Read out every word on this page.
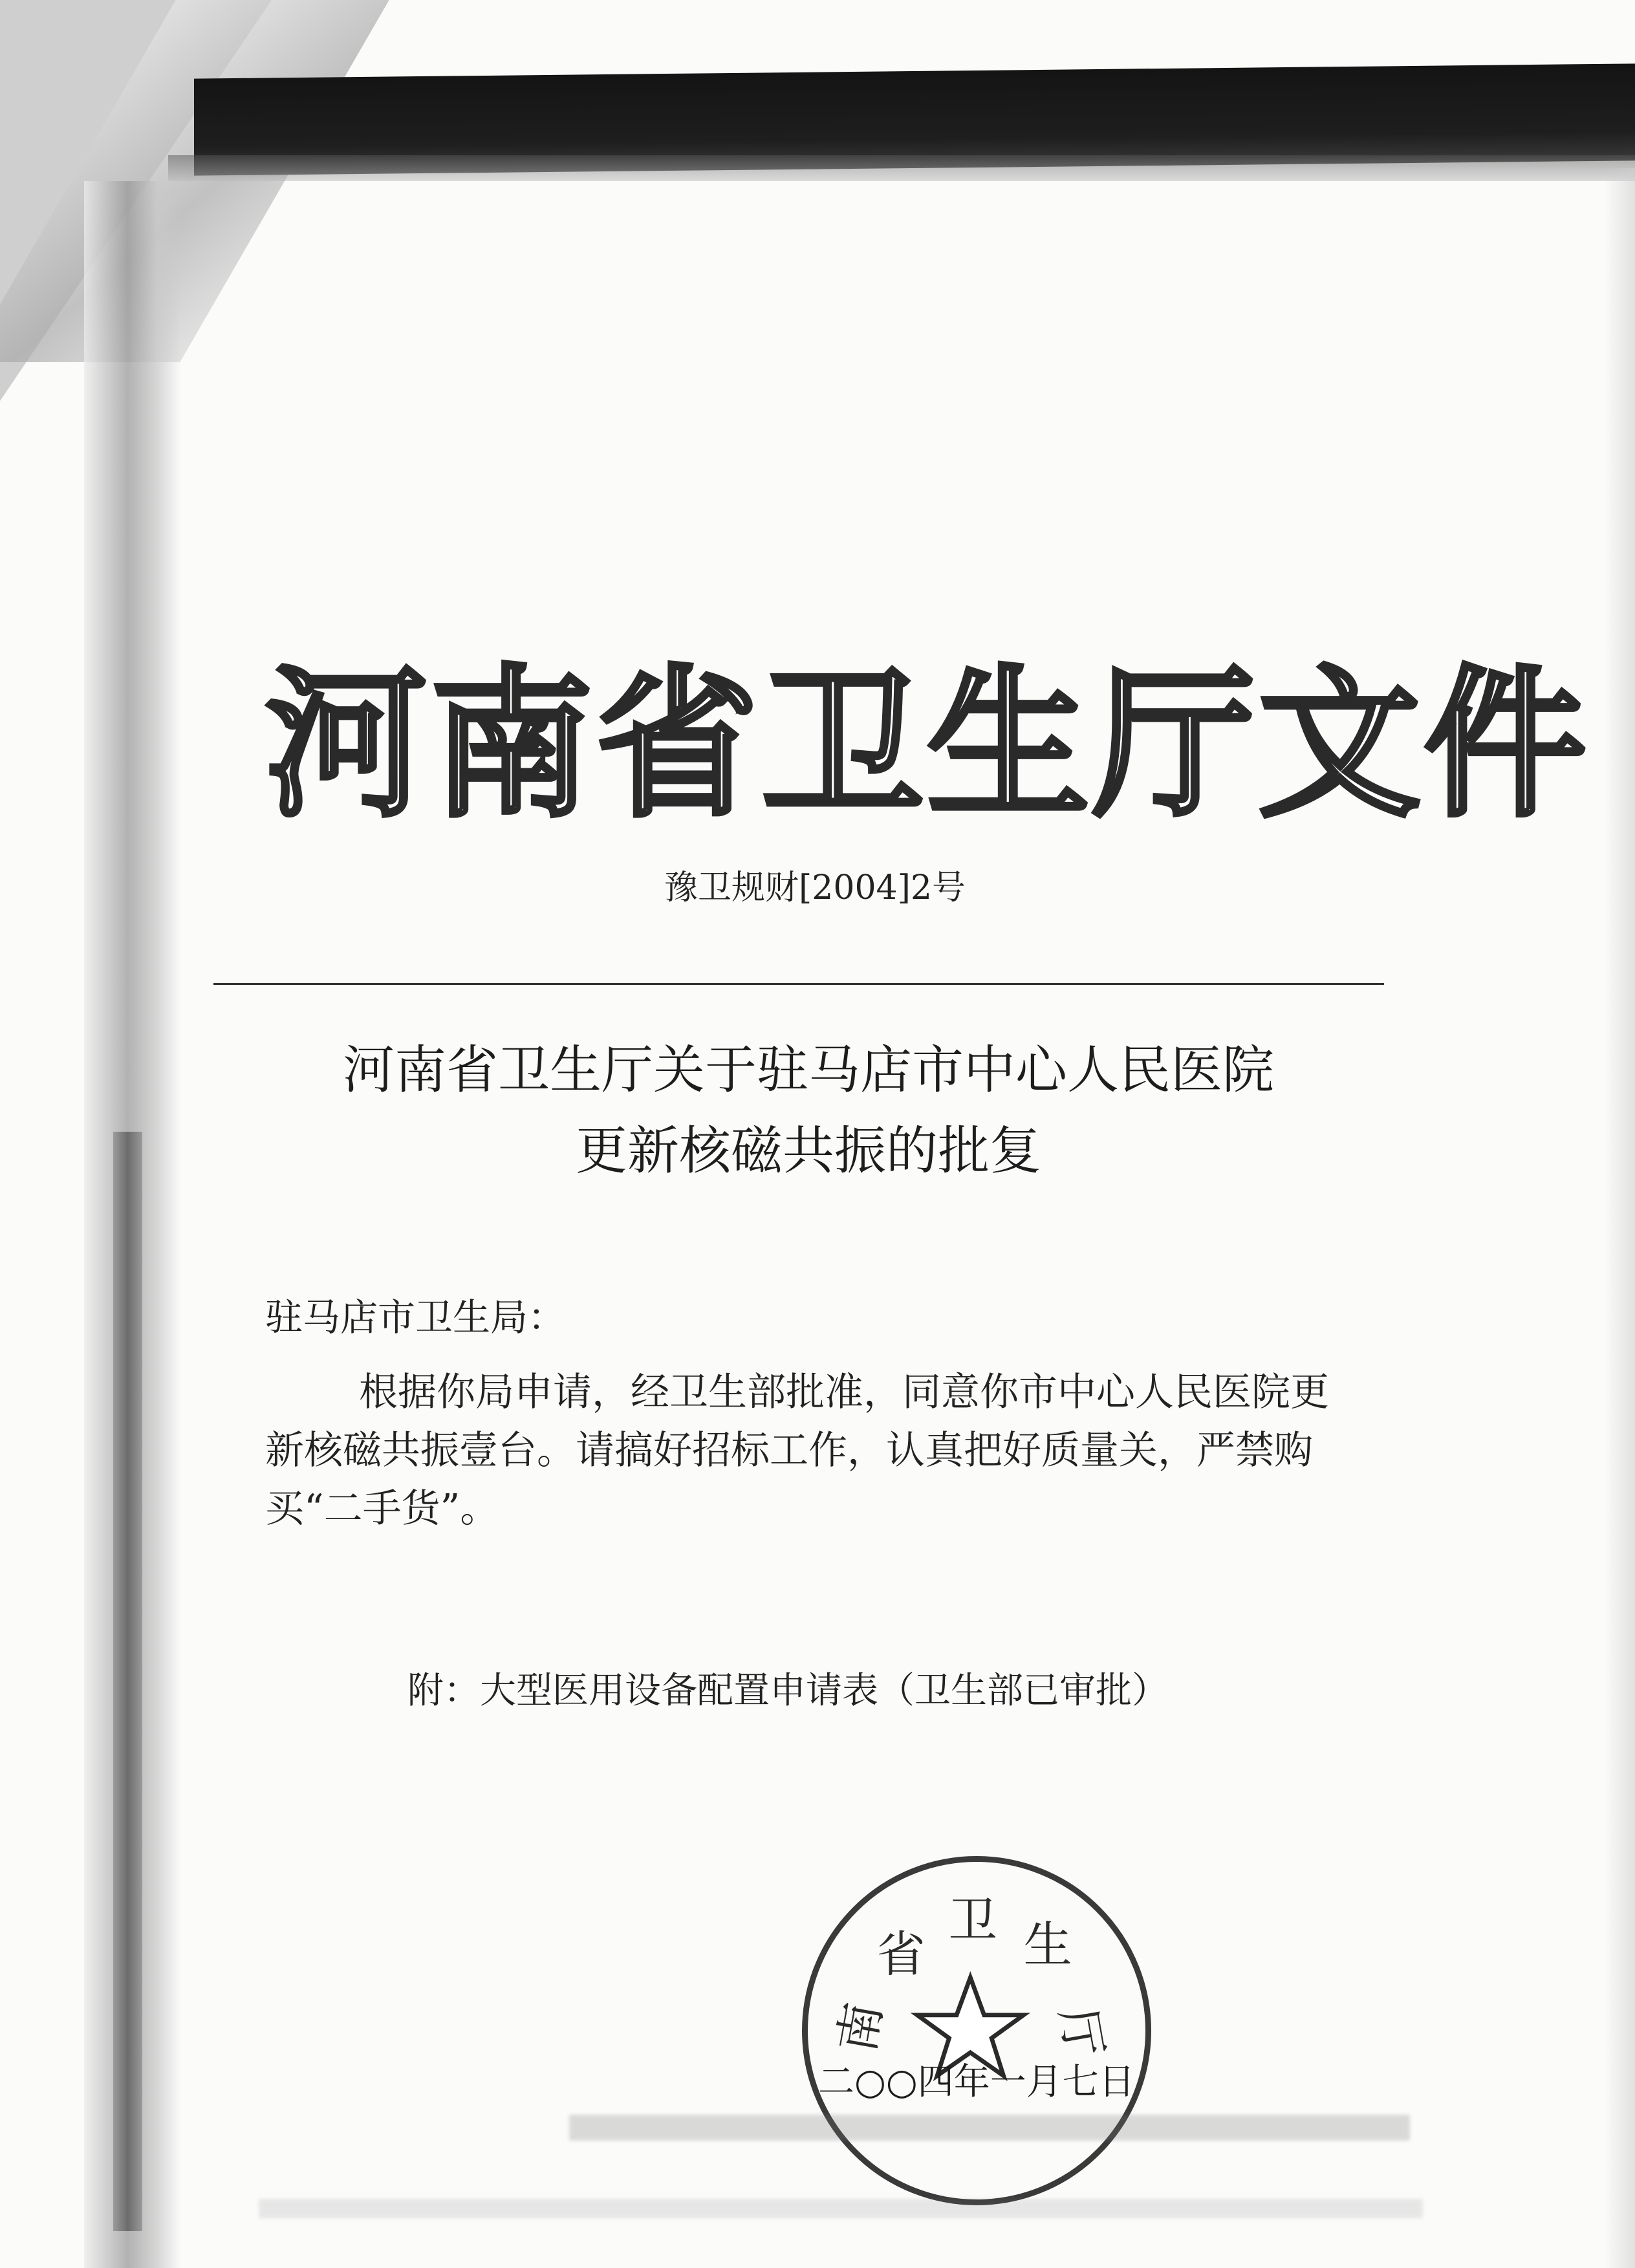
河南省卫生厅文件
豫卫规财[2004]2号
河南省卫生厅关于驻马店市中心人民医院
更新核磁共振的批复
驻马店市卫生局：
根据你局申请，经卫生部批准，同意你市中心人民医院更
新核磁共振壹台。请搞好招标工作，认真把好质量关，严禁购
买“二手货”。
附：大型医用设备配置申请表（卫生部已审批）
省
卫 生
南	厅
二○○四年一月七日
